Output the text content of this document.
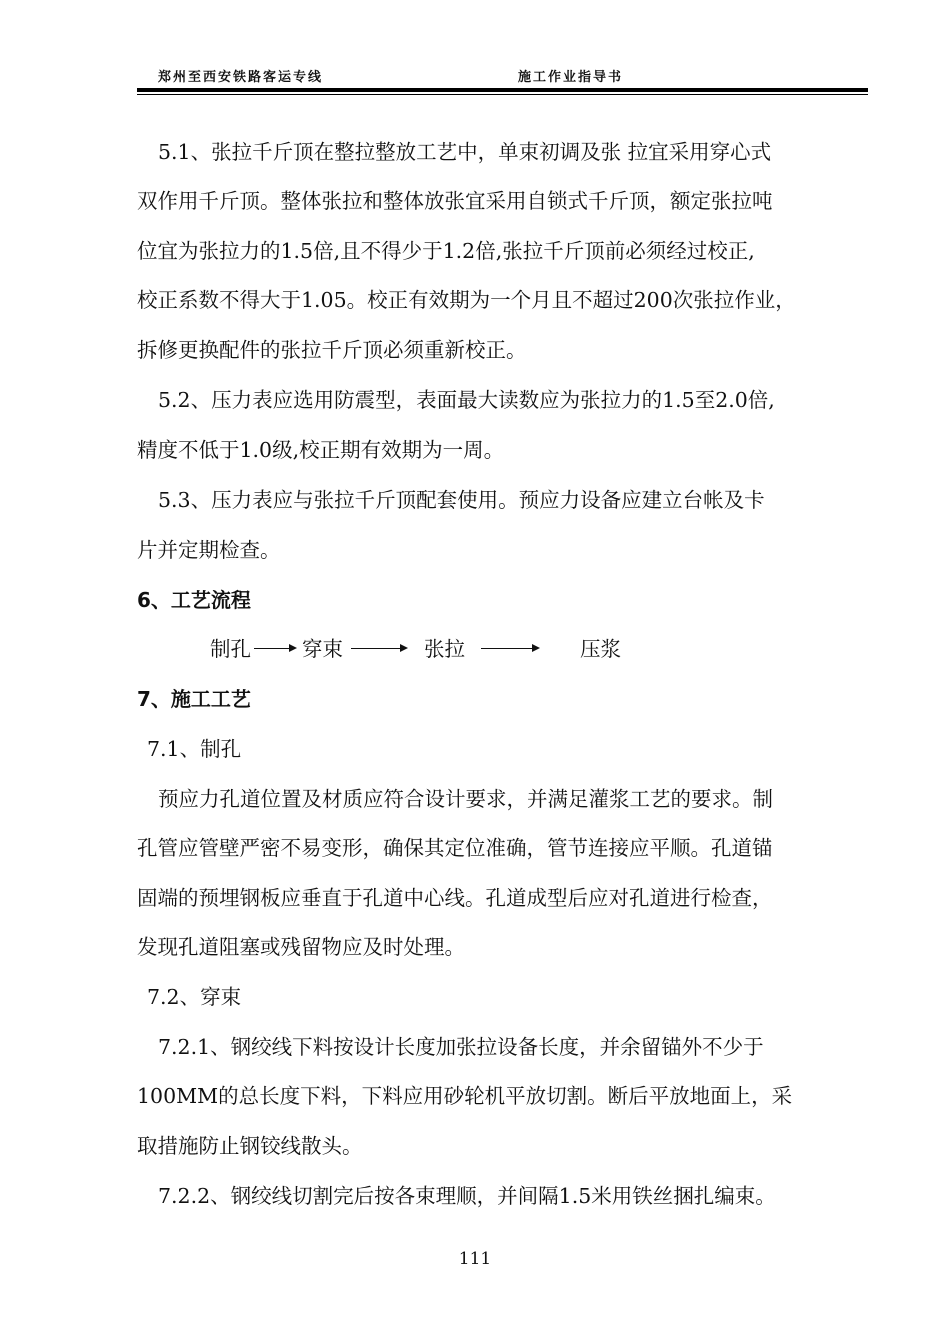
郑州至西安铁路客运专线	施工作业指导书
5.1、张拉千斤顶在整拉整放工艺中，单束初调及张 拉宜采用穿心式
双作用千斤顶。整体张拉和整体放张宜采用自锁式千斤顶，额定张拉吨
位宜为张拉力的1.5倍,且不得少于1.2倍,张拉千斤顶前必须经过校正,
校正系数不得大于1.05。校正有效期为一个月且不超过200次张拉作业，
拆修更换配件的张拉千斤顶必须重新校正。
5.2、压力表应选用防震型，表面最大读数应为张拉力的1.5至2.0倍,
精度不低于1.0级,校正期有效期为一周。
5.3、压力表应与张拉千斤顶配套使用。预应力设备应建立台帐及卡
片并定期检查。
6、工艺流程
制孔 穿束	张拉	压浆
7、施工工艺
7.1、制孔
预应力孔道位置及材质应符合设计要求，并满足灌浆工艺的要求。制
孔管应管壁严密不易变形，确保其定位准确，管节连接应平顺。孔道锚
固端的预埋钢板应垂直于孔道中心线。孔道成型后应对孔道进行检查，
发现孔道阻塞或残留物应及时处理。
7.2、穿束
7.2.1、钢绞线下料按设计长度加张拉设备长度，并余留锚外不少于
100MM的总长度下料，下料应用砂轮机平放切割。断后平放地面上，采
取措施防止钢铰线散头。
7.2.2、钢绞线切割完后按各束理顺，并间隔1.5米用铁丝捆扎编束。
111
